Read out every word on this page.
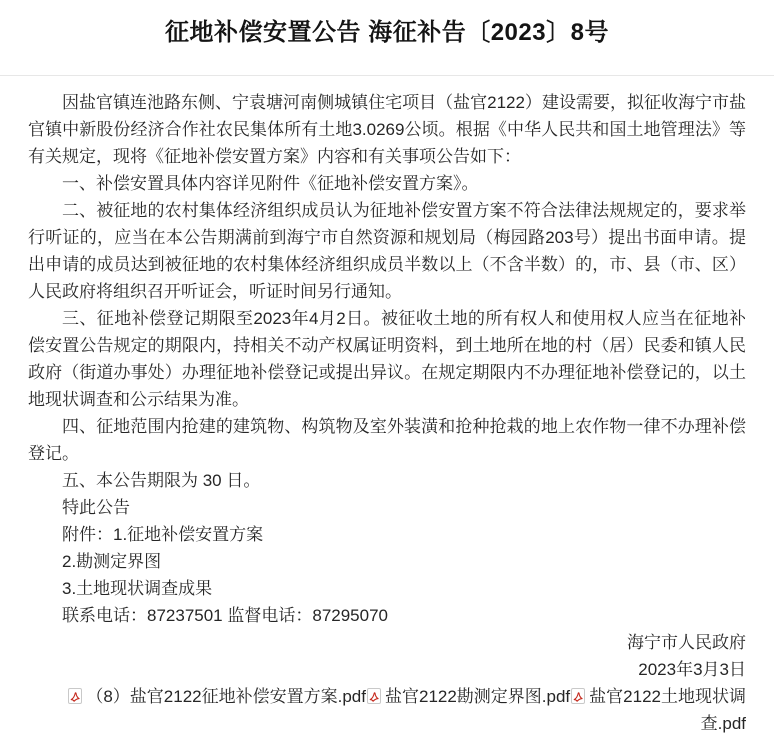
征地补偿安置公告 海征补告〔2023〕8号

因盐官镇连池路东侧、宁袁塘河南侧城镇住宅项目（盐官2122）建设需要，拟征收海宁市盐官镇中新股份经济合作社农民集体所有土地3.0269公顷。根据《中华人民共和国土地管理法》等有关规定，现将《征地补偿安置方案》内容和有关事项公告如下：

一、补偿安置具体内容详见附件《征地补偿安置方案》。

二、被征地的农村集体经济组织成员认为征地补偿安置方案不符合法律法规规定的，要求举行听证的，应当在本公告期满前到海宁市自然资源和规划局（梅园路203号）提出书面申请。提出申请的成员达到被征地的农村集体经济组织成员半数以上（不含半数）的，市、县（市、区）人民政府将组织召开听证会，听证时间另行通知。

三、征地补偿登记期限至2023年4月2日。被征收土地的所有权人和使用权人应当在征地补偿安置公告规定的期限内，持相关不动产权属证明资料，到土地所在地的村（居）民委和镇人民政府（街道办事处）办理征地补偿登记或提出异议。在规定期限内不办理征地补偿登记的，以土地现状调查和公示结果为准。

四、征地范围内抢建的建筑物、构筑物及室外装潢和抢种抢栽的地上农作物一律不办理补偿登记。

五、本公告期限为 30 日。

特此公告

附件：1.征地补偿安置方案

2.勘测定界图

3.土地现状调查成果

联系电话：87237501 监督电话：87295070

海宁市人民政府

2023年3月3日

（8）盐官2122征地补偿安置方案.pdf 盐官2122勘测定界图.pdf 盐官2122土地现状调查.pdf
